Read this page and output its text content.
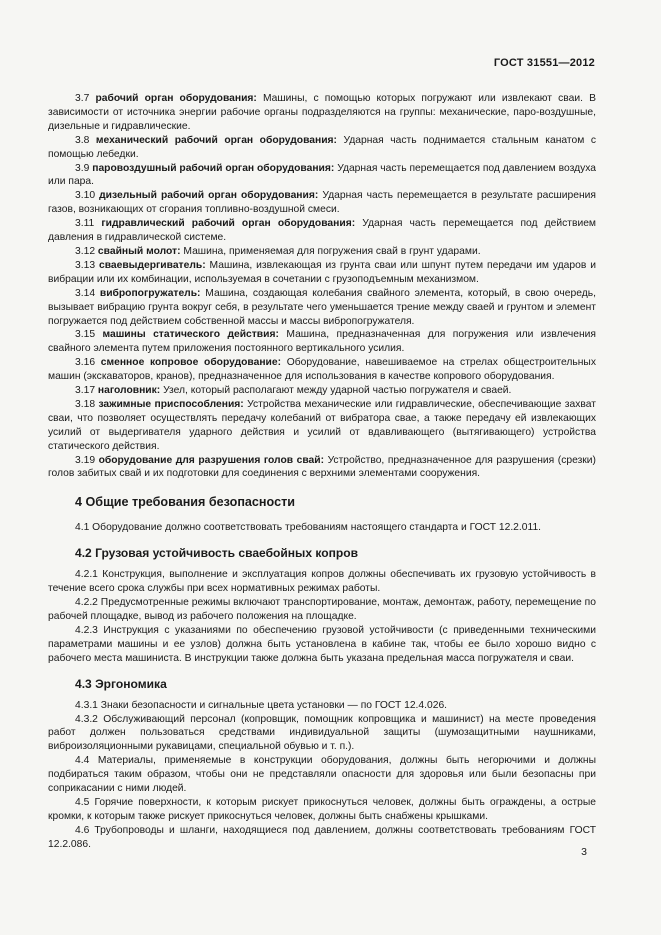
ГОСТ 31551—2012

3.7 рабочий орган оборудования: Машины, с помощью которых погружают или извлекают сваи. В зависимости от источника энергии рабочие органы подразделяются на группы: механические, паро-воздушные, дизельные и гидравлические.

3.8 механический рабочий орган оборудования: Ударная часть поднимается стальным канатом с помощью лебедки.

3.9 паровоздушный рабочий орган оборудования: Ударная часть перемещается под давлением воздуха или пара.

3.10 дизельный рабочий орган оборудования: Ударная часть перемещается в результате расширения газов, возникающих от сгорания топливно-воздушной смеси.

3.11 гидравлический рабочий орган оборудования: Ударная часть перемещается под действием давления в гидравлической системе.

3.12 свайный молот: Машина, применяемая для погружения свай в грунт ударами.

3.13 сваевыдергиватель: Машина, извлекающая из грунта сваи или шпунт путем передачи им ударов и вибрации или их комбинации, используемая в сочетании с грузоподъемным механизмом.

3.14 вибропогружатель: Машина, создающая колебания свайного элемента, который, в свою очередь, вызывает вибрацию грунта вокруг себя, в результате чего уменьшается трение между сваей и грунтом и элемент погружается под действием собственной массы и массы вибропогружателя.

3.15 машины статического действия: Машина, предназначенная для погружения или извлечения свайного элемента путем приложения постоянного вертикального усилия.

3.16 сменное копровое оборудование: Оборудование, навешиваемое на стрелах общестроительных машин (экскаваторов, кранов), предназначенное для использования в качестве копрового оборудования.

3.17 наголовник: Узел, который располагают между ударной частью погружателя и сваей.

3.18 зажимные приспособления: Устройства механические или гидравлические, обеспечивающие захват сваи, что позволяет осуществлять передачу колебаний от вибратора свае, а также передачу ей извлекающих усилий от выдергивателя ударного действия и усилий от вдавливающего (вытягивающего) устройства статического действия.

3.19 оборудование для разрушения голов свай: Устройство, предназначенное для разрушения (срезки) голов забитых свай и их подготовки для соединения с верхними элементами сооружения.

4 Общие требования безопасности

4.1 Оборудование должно соответствовать требованиям настоящего стандарта и ГОСТ 12.2.011.

4.2 Грузовая устойчивость сваебойных копров

4.2.1 Конструкция, выполнение и эксплуатация копров должны обеспечивать их грузовую устойчивость в течение всего срока службы при всех нормативных режимах работы.

4.2.2 Предусмотренные режимы включают транспортирование, монтаж, демонтаж, работу, перемещение по рабочей площадке, вывод из рабочего положения на площадке.

4.2.3 Инструкция с указаниями по обеспечению грузовой устойчивости (с приведенными техническими параметрами машины и ее узлов) должна быть установлена в кабине так, чтобы ее было хорошо видно с рабочего места машиниста. В инструкции также должна быть указана предельная масса погружателя и сваи.

4.3 Эргономика

4.3.1 Знаки безопасности и сигнальные цвета установки — по ГОСТ 12.4.026.

4.3.2 Обслуживающий персонал (копровщик, помощник копровщика и машинист) на месте проведения работ должен пользоваться средствами индивидуальной защиты (шумозащитными наушниками, виброизоляционными рукавицами, специальной обувью и т. п.).

4.4 Материалы, применяемые в конструкции оборудования, должны быть негорючими и должны подбираться таким образом, чтобы они не представляли опасности для здоровья или были безопасны при соприкасании с ними людей.

4.5 Горячие поверхности, к которым рискует прикоснуться человек, должны быть ограждены, а острые кромки, к которым также рискует прикоснуться человек, должны быть снабжены крышками.

4.6 Трубопроводы и шланги, находящиеся под давлением, должны соответствовать требованиям ГОСТ 12.2.086.

3
